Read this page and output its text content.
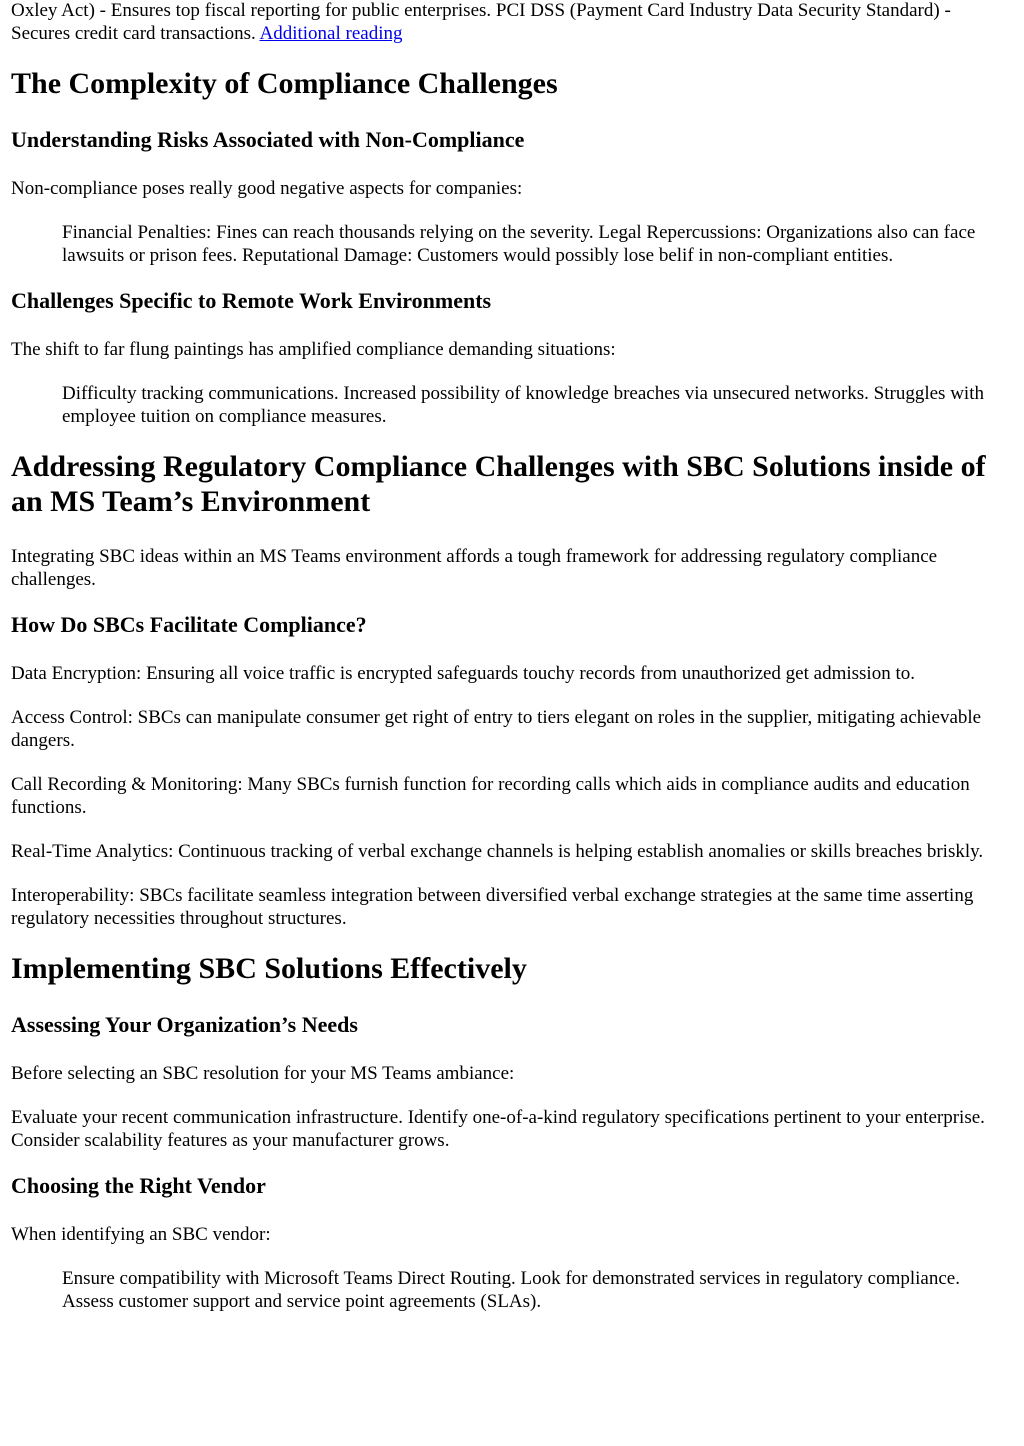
Oxley Act) - Ensures top fiscal reporting for public enterprises. PCI DSS (Payment Card Industry Data Security Standard) - Secures credit card transactions. Additional reading

The Complexity of Compliance Challenges
Understanding Risks Associated with Non-Compliance

Non-compliance poses really good negative aspects for companies:

Financial Penalties: Fines can reach thousands relying on the severity. Legal Repercussions: Organizations also can face lawsuits or prison fees. Reputational Damage: Customers would possibly lose belif in non-compliant entities.
Challenges Specific to Remote Work Environments

The shift to far flung paintings has amplified compliance demanding situations:

Difficulty tracking communications. Increased possibility of knowledge breaches via unsecured networks. Struggles with employee tuition on compliance measures.
Addressing Regulatory Compliance Challenges with SBC Solutions inside of an MS Team’s Environment

Integrating SBC ideas within an MS Teams environment affords a tough framework for addressing regulatory compliance challenges.

How Do SBCs Facilitate Compliance?

Data Encryption: Ensuring all voice traffic is encrypted safeguards touchy records from unauthorized get admission to.

Access Control: SBCs can manipulate consumer get right of entry to tiers elegant on roles in the supplier, mitigating achievable dangers.

Call Recording & Monitoring: Many SBCs furnish function for recording calls which aids in compliance audits and education functions.

Real-Time Analytics: Continuous tracking of verbal exchange channels is helping establish anomalies or skills breaches briskly.

Interoperability: SBCs facilitate seamless integration between diversified verbal exchange strategies at the same time asserting regulatory necessities throughout structures.

Implementing SBC Solutions Effectively
Assessing Your Organization’s Needs

Before selecting an SBC resolution for your MS Teams ambiance:

Evaluate your recent communication infrastructure. Identify one-of-a-kind regulatory specifications pertinent to your enterprise. Consider scalability features as your manufacturer grows.

Choosing the Right Vendor

When identifying an SBC vendor:

Ensure compatibility with Microsoft Teams Direct Routing. Look for demonstrated services in regulatory compliance. Assess customer support and service point agreements (SLAs).
